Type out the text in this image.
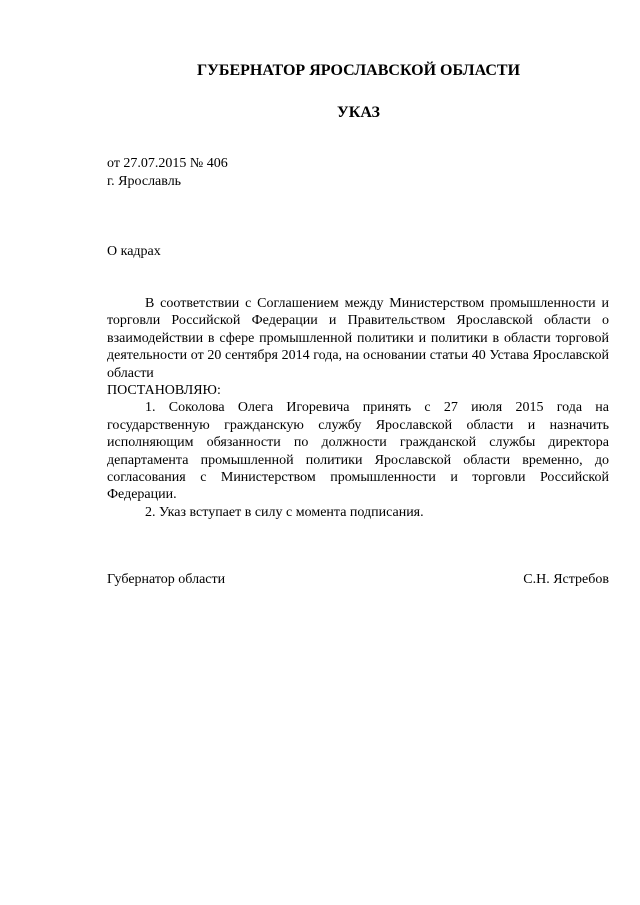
ГУБЕРНАТОР ЯРОСЛАВСКОЙ ОБЛАСТИ
УКАЗ
от 27.07.2015 № 406
г. Ярославль
О кадрах

В соответствии с Соглашением между Министерством промышленности и торговли Российской Федерации и Правительством Ярославской области о взаимодействии в сфере промышленной политики и политики в области торговой деятельности от 20 сентября 2014 года, на основании статьи 40 Устава Ярославской области

ПОСТАНОВЛЯЮ:

1. Соколова Олега Игоревича принять с 27 июля 2015 года на государственную гражданскую службу Ярославской области и назначить исполняющим обязанности по должности гражданской службы директора департамента промышленной политики Ярославской области временно, до согласования с Министерством промышленности и торговли Российской Федерации.

2. Указ вступает в силу с момента подписания.

Губернатор области	С.Н. Ястребов
